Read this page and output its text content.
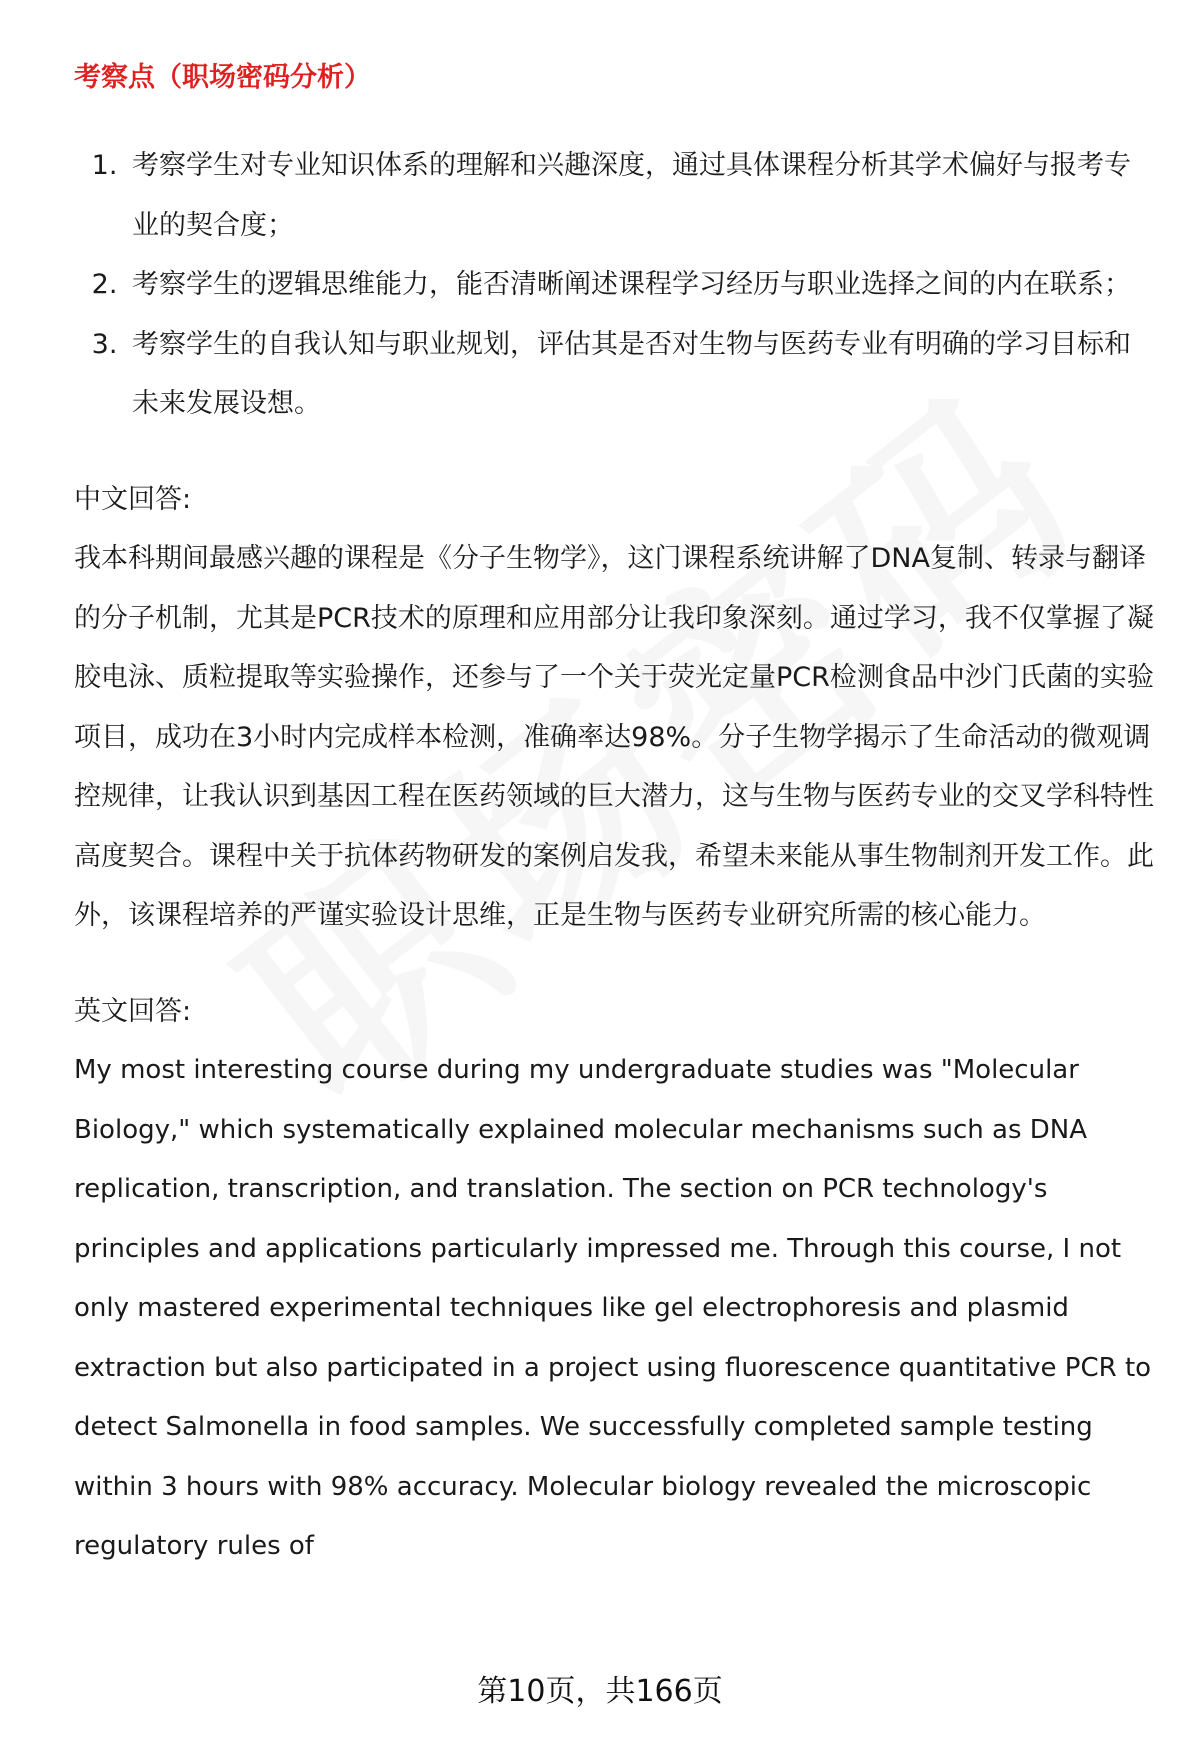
考察点（职场密码分析）
1. 考察学生对专业知识体系的理解和兴趣深度，通过具体课程分析其学术偏好与报考专业的契合度；
2. 考察学生的逻辑思维能力，能否清晰阐述课程学习经历与职业选择之间的内在联系；
3. 考察学生的自我认知与职业规划，评估其是否对生物与医药专业有明确的学习目标和未来发展设想。
中文回答:
我本科期间最感兴趣的课程是《分子生物学》，这门课程系统讲解了DNA复制、转录与翻译的分子机制，尤其是PCR技术的原理和应用部分让我印象深刻。通过学习，我不仅掌握了凝胶电泳、质粒提取等实验操作，还参与了一个关于荧光定量PCR检测食品中沙门氏菌的实验项目，成功在3小时内完成样本检测，准确率达98%。分子生物学揭示了生命活动的微观调控规律，让我认识到基因工程在医药领域的巨大潜力，这与生物与医药专业的交叉学科特性高度契合。课程中关于抗体药物研发的案例启发我，希望未来能从事生物制剂开发工作。此外，该课程培养的严谨实验设计思维，正是生物与医药专业研究所需的核心能力。
英文回答:
My most interesting course during my undergraduate studies was "Molecular Biology," which systematically explained molecular mechanisms such as DNA replication, transcription, and translation. The section on PCR technology's principles and applications particularly impressed me. Through this course, I not only mastered experimental techniques like gel electrophoresis and plasmid extraction but also participated in a project using fluorescence quantitative PCR to detect Salmonella in food samples. We successfully completed sample testing within 3 hours with 98% accuracy. Molecular biology revealed the microscopic regulatory rules of
第10页，共166页
